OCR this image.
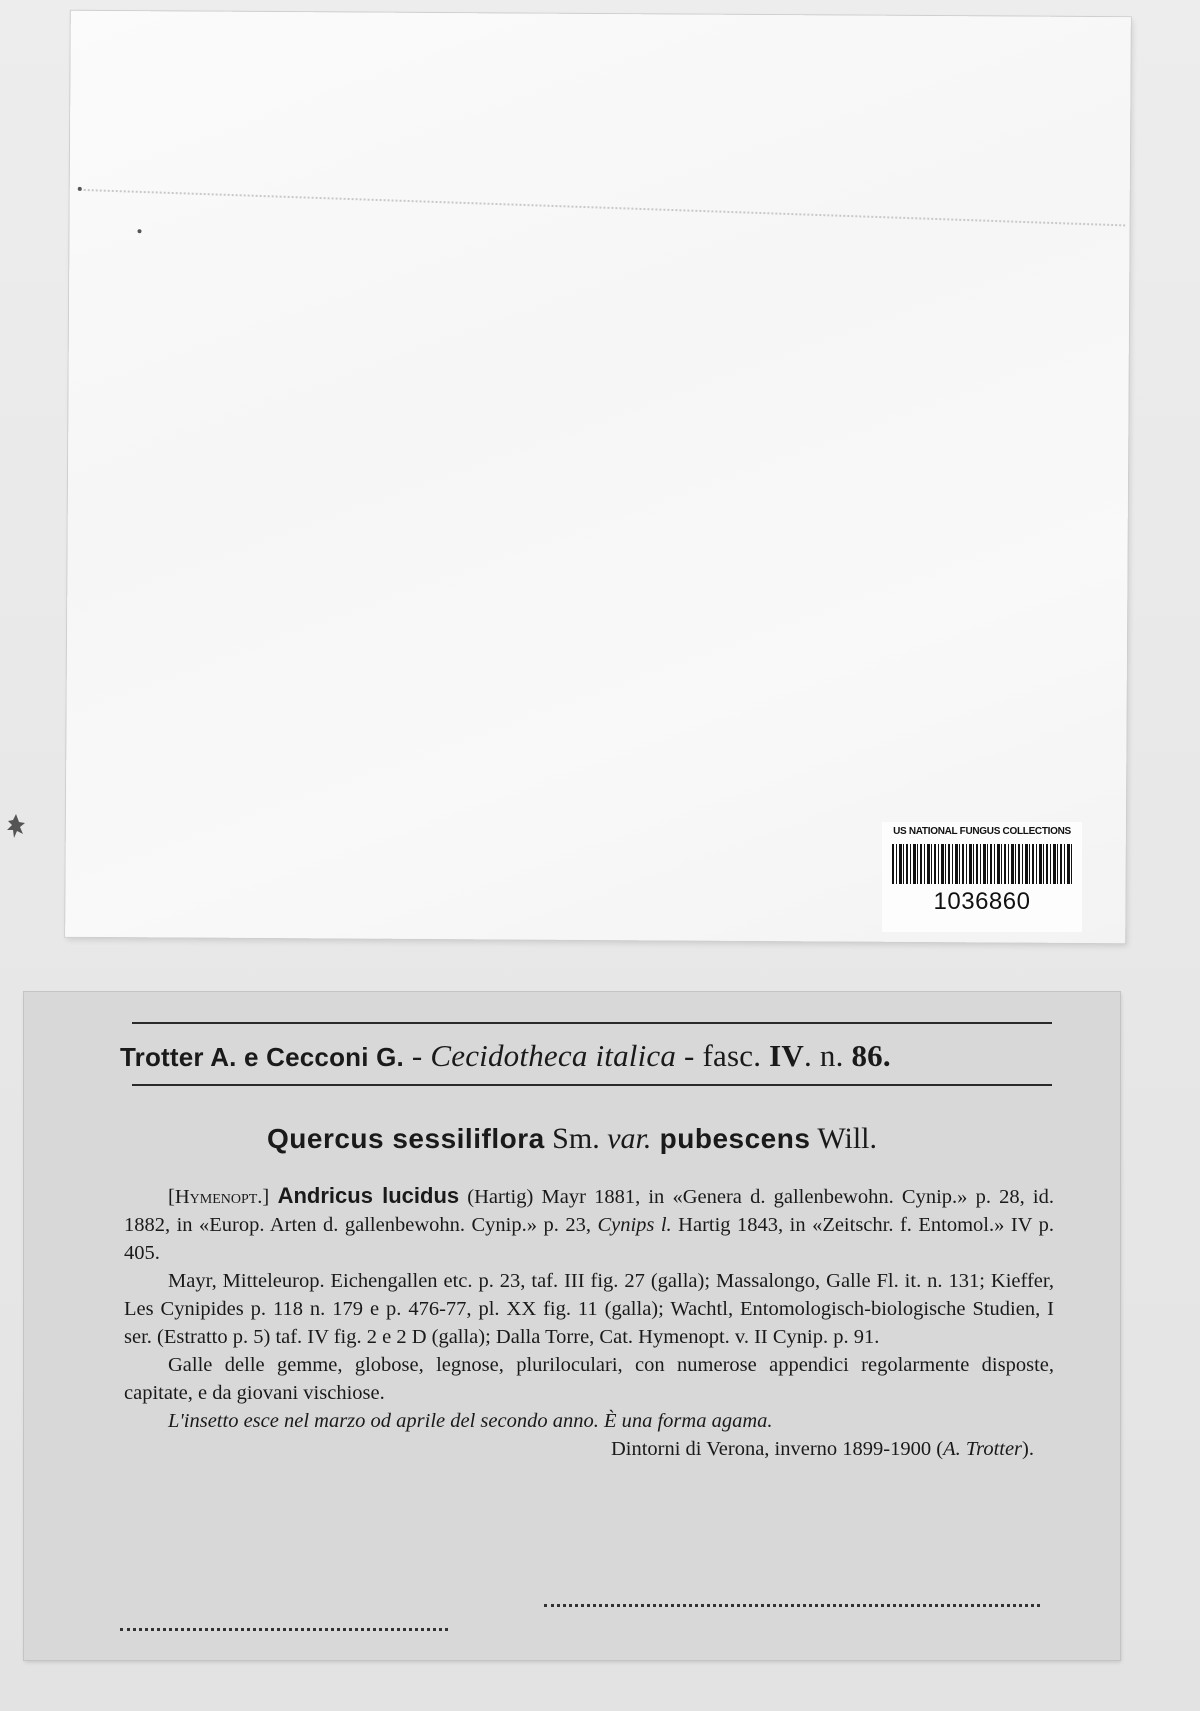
US NATIONAL FUNGUS COLLECTIONS
1036860
Trotter A. e Cecconi G. - Cecidotheca italica - fasc. IV. n. 86.
Quercus sessiliflora Sm. var. pubescens Will.

[Hymenopt.] Andricus lucidus (Hartig) Mayr 1881, in «Genera d. gallenbewohn. Cynip.» p. 28, id. 1882, in «Europ. Arten d. gallenbewohn. Cynip.» p. 23, Cynips l. Hartig 1843, in «Zeitschr. f. Entomol.» IV p. 405.

Mayr, Mitteleurop. Eichengallen etc. p. 23, taf. III fig. 27 (galla); Massalongo, Galle Fl. it. n. 131; Kieffer, Les Cynipides p. 118 n. 179 e p. 476-77, pl. XX fig. 11 (galla); Wachtl, Entomologisch-biologische Studien, I ser. (Estratto p. 5) taf. IV fig. 2 e 2 D (galla); Dalla Torre, Cat. Hymenopt. v. II Cynip. p. 91.

Galle delle gemme, globose, legnose, pluriloculari, con numerose appendici regolarmente disposte, capitate, e da giovani vischiose.

L'insetto esce nel marzo od aprile del secondo anno. È una forma agama.

Dintorni di Verona, inverno 1899-1900 (A. Trotter).
